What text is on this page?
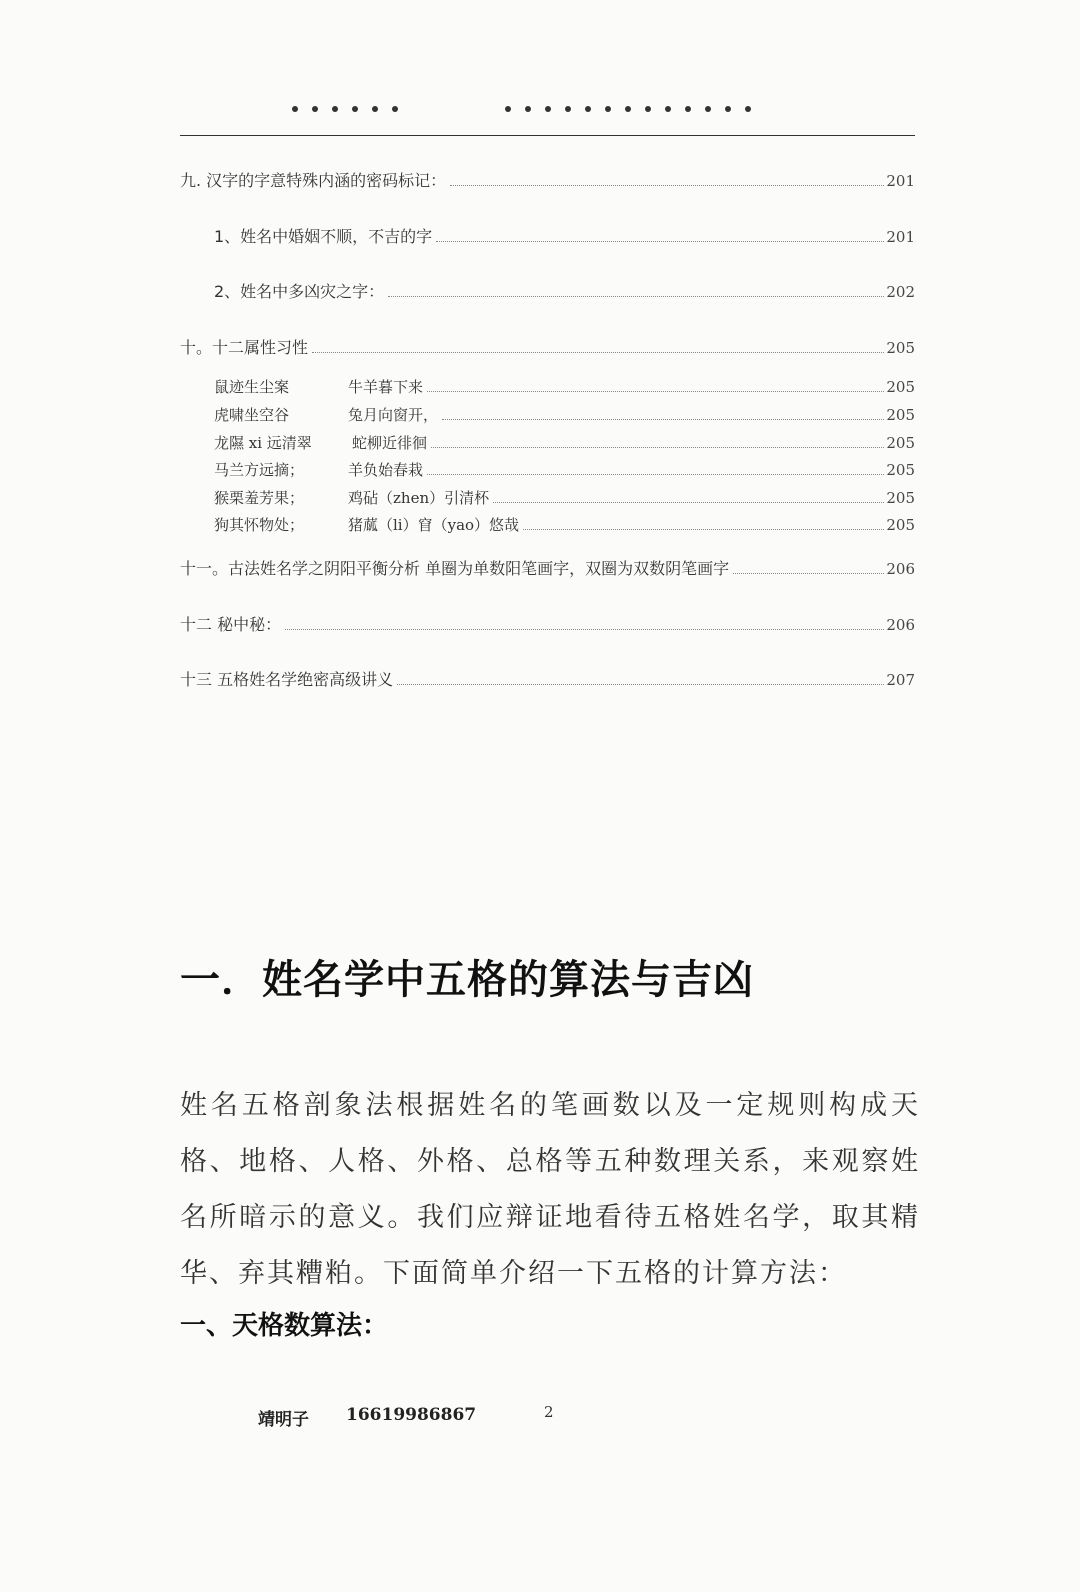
九. 汉字的字意特殊内涵的密码标记：	201
1、姓名中婚姻不顺，不吉的字	201
2、姓名中多凶灾之字：	202
十。十二属性习性	205
鼠迹生尘案	牛羊暮下来	205
虎啸坐空谷	兔月向窗开，	205
龙隰 xi 远清翠	蛇柳近徘徊	205
马兰方远摘；	羊负始春栽	205
猴栗羞芳果；	鸡砧（zhen）引清杯	205
狗其怀物处；	猪蓏（li）窅（yao）悠哉	205
十一。古法姓名学之阴阳平衡分析 单圈为单数阳笔画字，双圈为双数阴笔画字	206
十二 秘中秘：	206
十三 五格姓名学绝密高级讲义	207
一．姓名学中五格的算法与吉凶
姓名五格剖象法根据姓名的笔画数以及一定规则构成天格、地格、人格、外格、总格等五种数理关系，来观察姓名所暗示的意义。我们应辩证地看待五格姓名学，取其精华、弃其糟粕。下面简单介绍一下五格的计算方法：
一、天格数算法：
靖明子 16619986867	2
